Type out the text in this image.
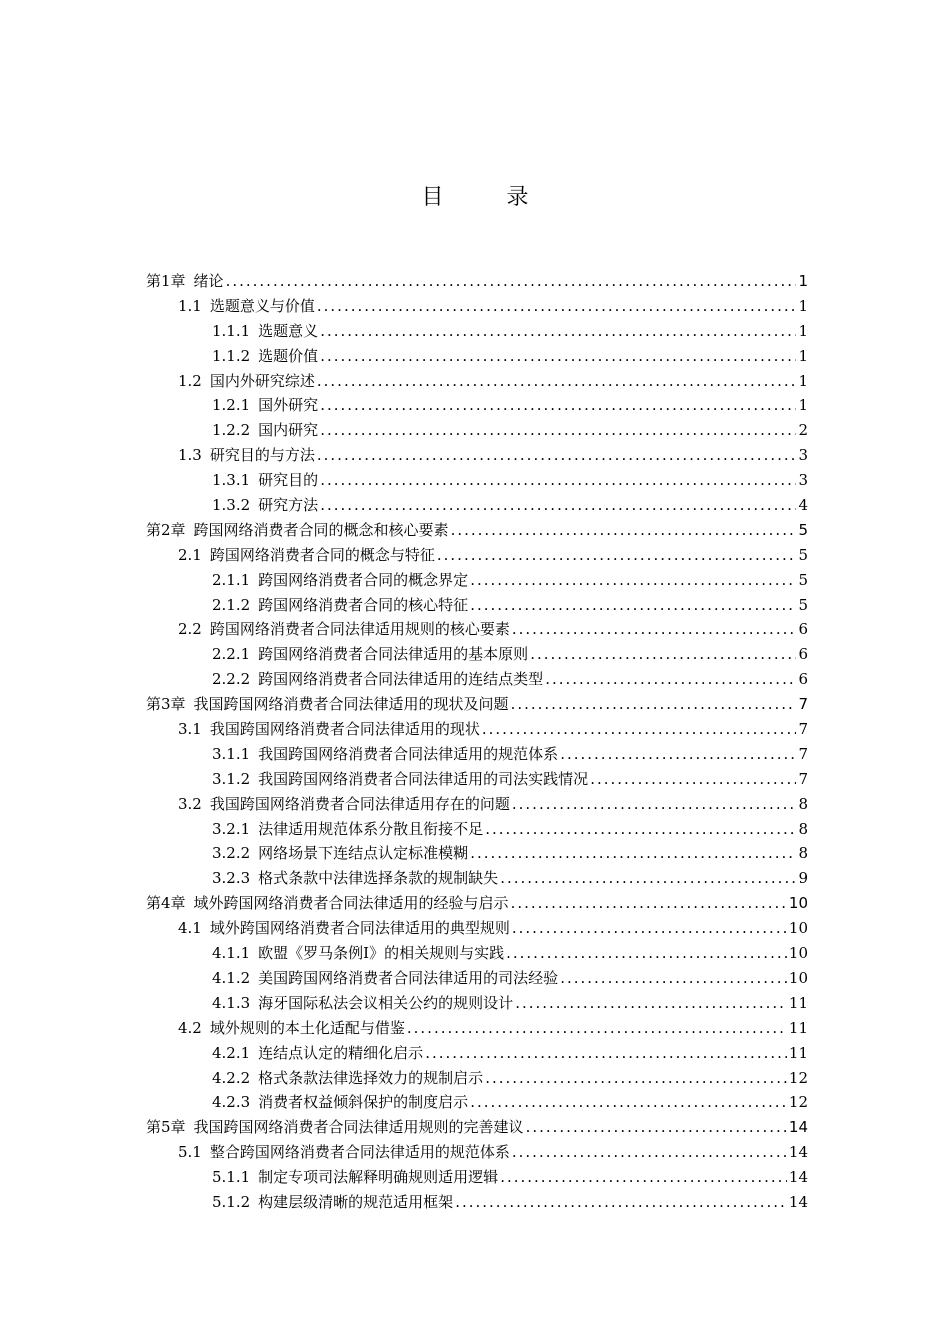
目 录
第1章 绪论 .....	1
1.1 选题意义与价值 .....	1
1.1.1 选题意义 .....	1
1.1.2 选题价值 .....	1
1.2 国内外研究综述 .....	1
1.2.1 国外研究 .....	1
1.2.2 国内研究 .....	2
1.3 研究目的与方法 .....	3
1.3.1 研究目的 .....	3
1.3.2 研究方法 .....	4
第2章 跨国网络消费者合同的概念和核心要素 .....	5
2.1 跨国网络消费者合同的概念与特征 .....	5
2.1.1 跨国网络消费者合同的概念界定 .....	5
2.1.2 跨国网络消费者合同的核心特征 .....	5
2.2 跨国网络消费者合同法律适用规则的核心要素 .....	6
2.2.1 跨国网络消费者合同法律适用的基本原则 .....	6
2.2.2 跨国网络消费者合同法律适用的连结点类型 .....	6
第3章 我国跨国网络消费者合同法律适用的现状及问题 .....	7
3.1 我国跨国网络消费者合同法律适用的现状 .....	7
3.1.1 我国跨国网络消费者合同法律适用的规范体系 .....	7
3.1.2 我国跨国网络消费者合同法律适用的司法实践情况 .....	7
3.2 我国跨国网络消费者合同法律适用存在的问题 .....	8
3.2.1 法律适用规范体系分散且衔接不足 .....	8
3.2.2 网络场景下连结点认定标准模糊 .....	8
3.2.3 格式条款中法律选择条款的规制缺失 .....	9
第4章 域外跨国网络消费者合同法律适用的经验与启示 .....	10
4.1 域外跨国网络消费者合同法律适用的典型规则 .....	10
4.1.1 欧盟《罗马条例Ⅰ》的相关规则与实践 .....	10
4.1.2 美国跨国网络消费者合同法律适用的司法经验 .....	10
4.1.3 海牙国际私法会议相关公约的规则设计 .....	11
4.2 域外规则的本土化适配与借鉴 .....	11
4.2.1 连结点认定的精细化启示 .....	11
4.2.2 格式条款法律选择效力的规制启示 .....	12
4.2.3 消费者权益倾斜保护的制度启示 .....	12
第5章 我国跨国网络消费者合同法律适用规则的完善建议 .....	14
5.1 整合跨国网络消费者合同法律适用的规范体系 .....	14
5.1.1 制定专项司法解释明确规则适用逻辑 .....	14
5.1.2 构建层级清晰的规范适用框架 .....	14
